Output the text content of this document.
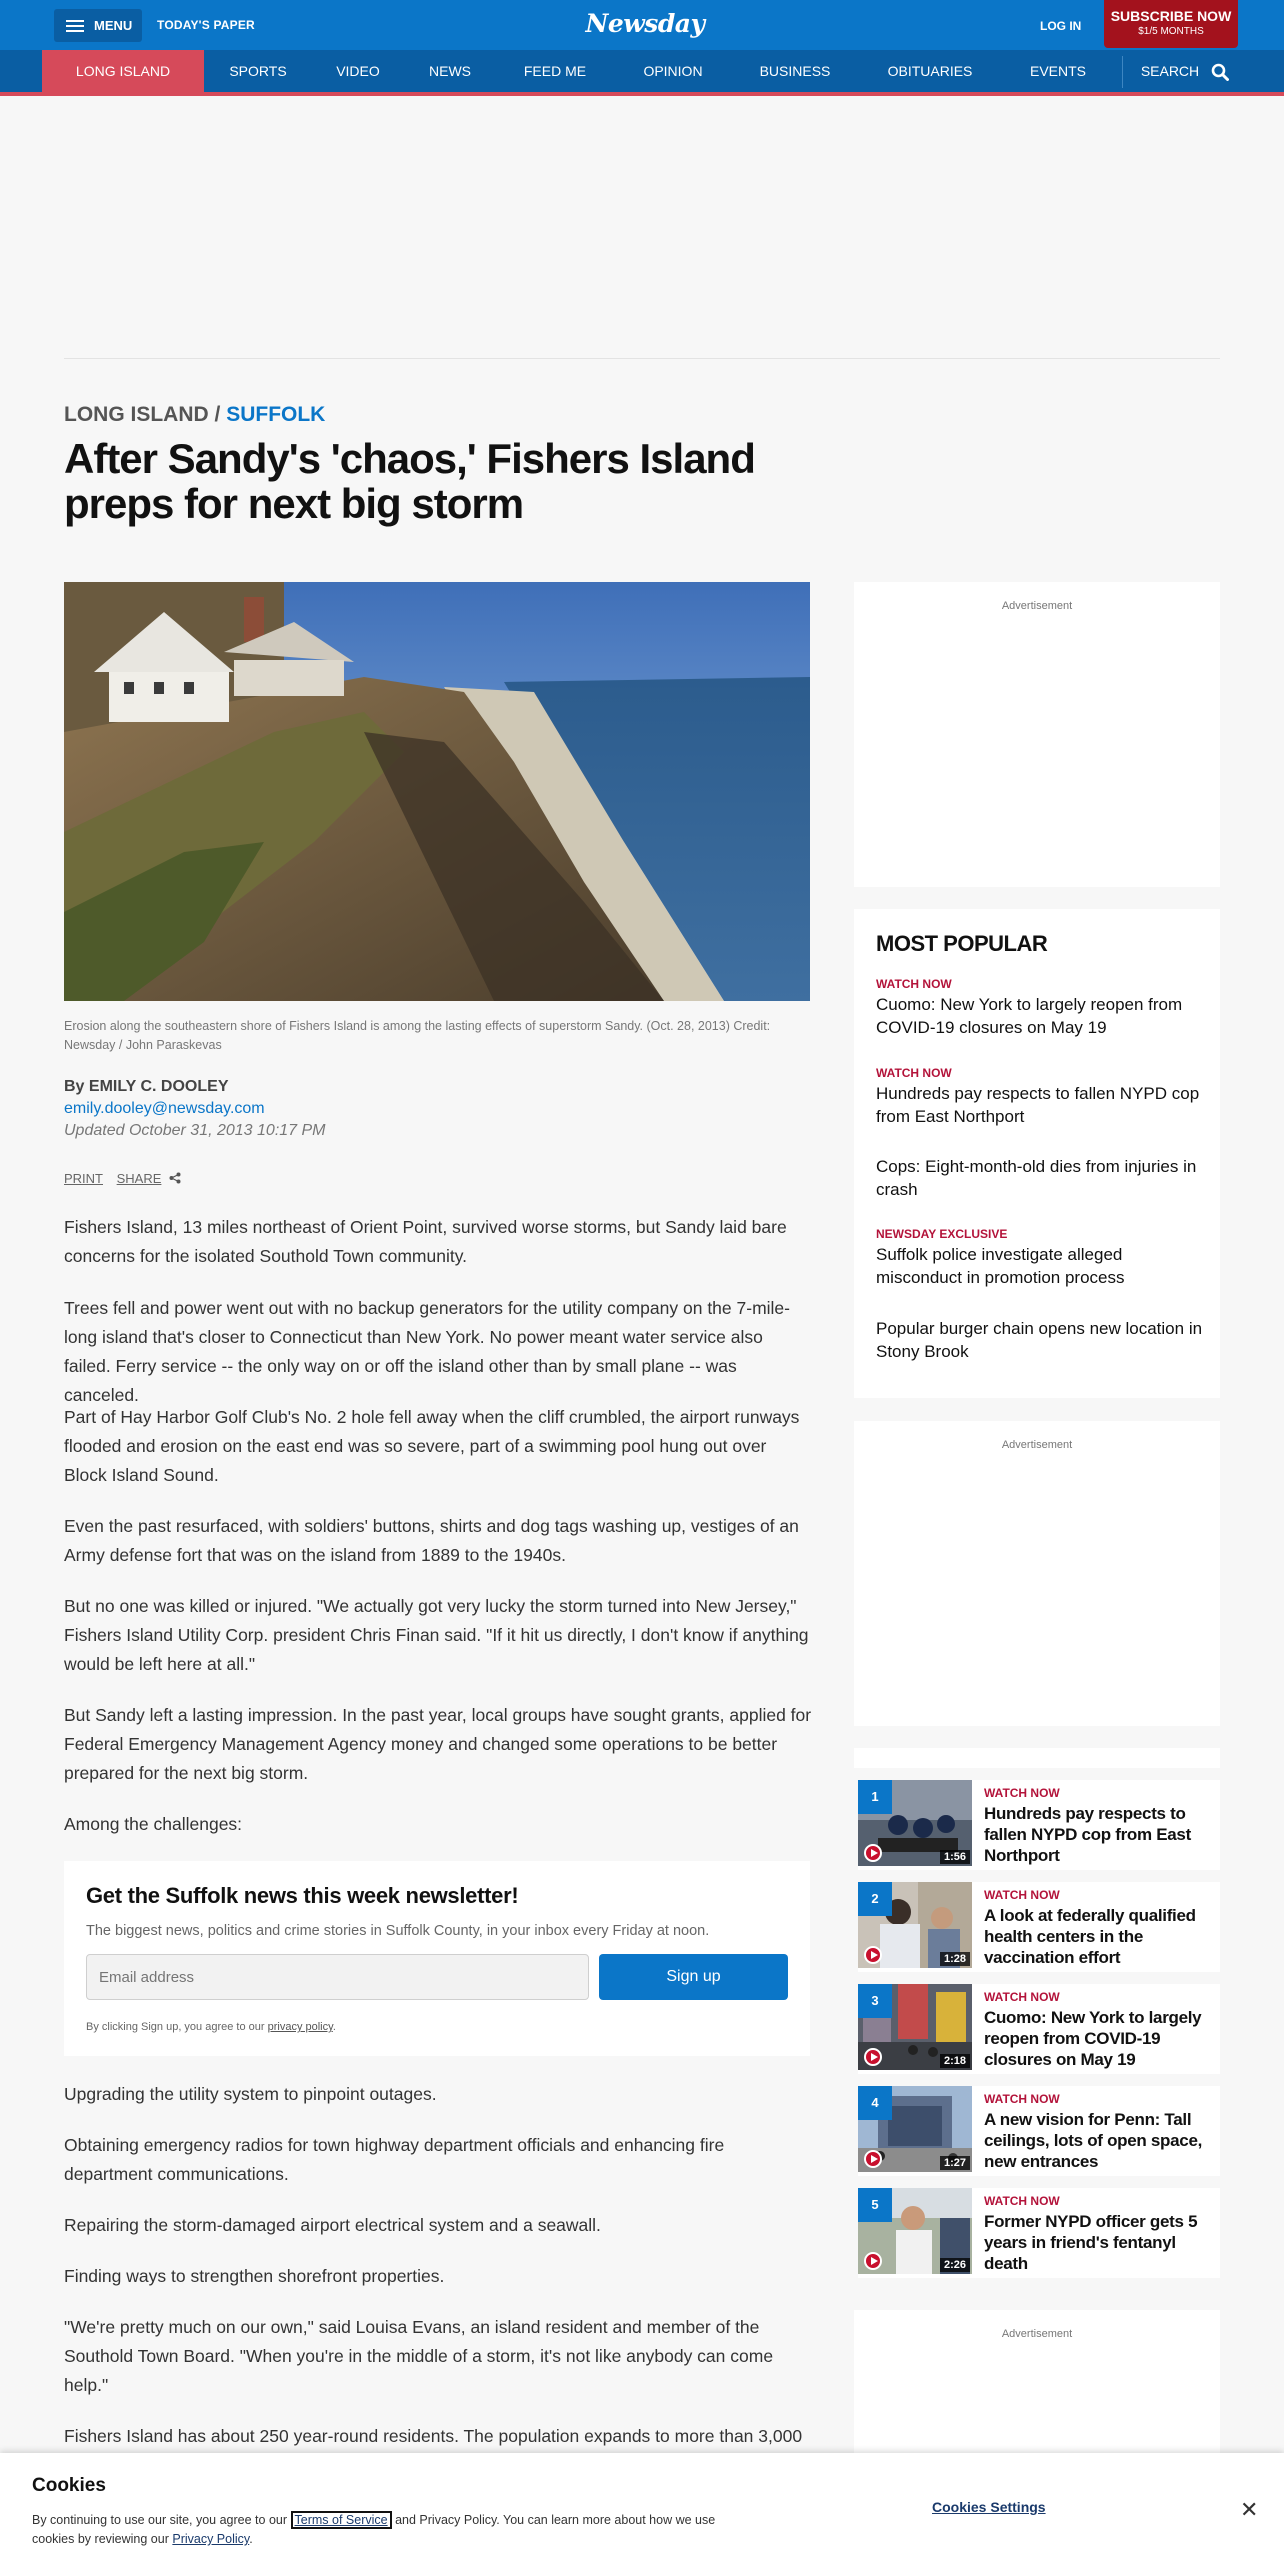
MENU TODAY'S PAPER	Newsday	LOG IN
SUBSCRIBE NOW
$1/5 MONTHS
LONG ISLAND	SPORTS	VIDEO	NEWS	FEED ME	OPINION	BUSINESS	OBITUARIES	EVENTS	SEARCH
LONG ISLAND / SUFFOLK
After Sandy's 'chaos,' Fishers Island preps for next big storm
Erosion along the southeastern shore of Fishers Island is among the lasting effects of superstorm Sandy. (Oct. 28, 2013) Credit: Newsday / John Paraskevas
By EMILY C. DOOLEY
emily.dooley@newsday.com
Updated October 31, 2013 10:17 PM
PRINT SHARE

Fishers Island, 13 miles northeast of Orient Point, survived worse storms, but Sandy laid bare concerns for the isolated Southold Town community.

Trees fell and power went out with no backup generators for the utility company on the 7-mile-long island that's closer to Connecticut than New York. No power meant water service also failed. Ferry service -- the only way on or off the island other than by small plane -- was canceled.

Part of Hay Harbor Golf Club's No. 2 hole fell away when the cliff crumbled, the airport runways flooded and erosion on the east end was so severe, part of a swimming pool hung out over Block Island Sound.

Even the past resurfaced, with soldiers' buttons, shirts and dog tags washing up, vestiges of an Army defense fort that was on the island from 1889 to the 1940s.

But no one was killed or injured. "We actually got very lucky the storm turned into New Jersey," Fishers Island Utility Corp. president Chris Finan said. "If it hit us directly, I don't know if anything would be left here at all."

But Sandy left a lasting impression. In the past year, local groups have sought grants, applied for Federal Emergency Management Agency money and changed some operations to be better prepared for the next big storm.

Among the challenges:

Get the Suffolk news this week newsletter!
The biggest news, politics and crime stories in Suffolk County, in your inbox every Friday at noon.
Email address
Sign up
By clicking Sign up, you agree to our privacy policy.

Upgrading the utility system to pinpoint outages.

Obtaining emergency radios for town highway department officials and enhancing fire department communications.

Repairing the storm-damaged airport electrical system and a seawall.

Finding ways to strengthen shorefront properties.

"We're pretty much on our own," said Louisa Evans, an island resident and member of the Southold Town Board. "When you're in the middle of a storm, it's not like anybody can come help."

Fishers Island has about 250 year-round residents. The population expands to more than 3,000

Advertisement
MOST POPULAR
WATCH NOW
Cuomo: New York to largely reopen from COVID-19 closures on May 19
WATCH NOW
Hundreds pay respects to fallen NYPD cop from East Northport
Cops: Eight-month-old dies from injuries in crash
NEWSDAY EXCLUSIVE
Suffolk police investigate alleged misconduct in promotion process
Popular burger chain opens new location in Stony Brook
Advertisement
1
1:56
WATCH NOW
Hundreds pay respects to fallen NYPD cop from East Northport
2
1:28
WATCH NOW
A look at federally qualified health centers in the vaccination effort
3
2:18
WATCH NOW
Cuomo: New York to largely reopen from COVID-19 closures on May 19
4
1:27
WATCH NOW
A new vision for Penn: Tall ceilings, lots of open space, new entrances
5
2:26
WATCH NOW
Former NYPD officer gets 5 years in friend's fentanyl death
Advertisement
Cookies
By continuing to use our site, you agree to our Terms of Service and Privacy Policy. You can learn more about how we use cookies by reviewing our Privacy Policy.
Cookies Settings	✕
